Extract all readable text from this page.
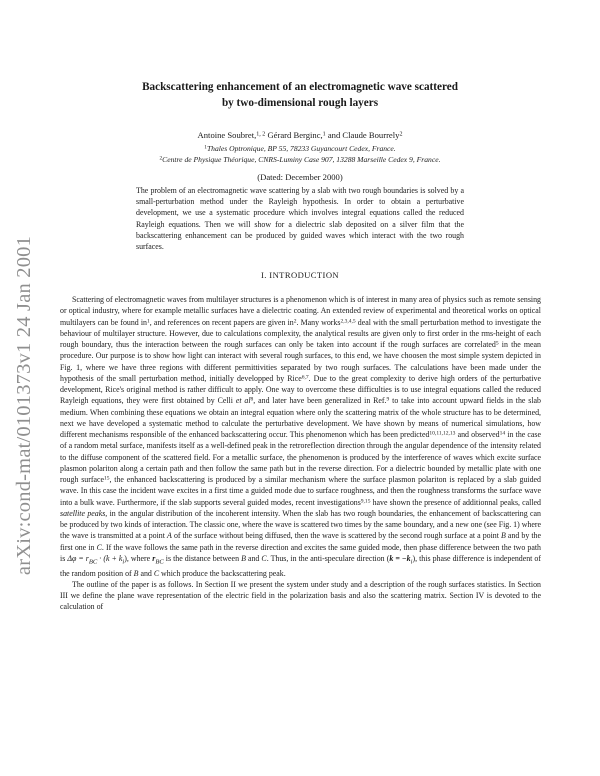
arXiv:cond-mat/0101373v1 24 Jan 2001
Backscattering enhancement of an electromagnetic wave scattered
by two-dimensional rough layers
Antoine Soubret,$^{1, 2}$ Gérard Berginc,$^1$ and Claude Bourrely$^2$
$^1$Thales Optronique, BP 55, 78233 Guyancourt Cedex, France.
$^2$Centre de Physique Théorique, CNRS-Luminy Case 907, 13288 Marseille Cedex 9, France.
(Dated: December 2000)
The problem of an electromagnetic wave scattering by a slab with two rough boundaries is solved by a small-perturbation method under the Rayleigh hypothesis. In order to obtain a perturbative development, we use a systematic procedure which involves integral equations called the reduced Rayleigh equations. Then we will show for a dielectric slab deposited on a silver film that the backscattering enhancement can be produced by guided waves which interact with the two rough surfaces.
I. INTRODUCTION

Scattering of electromagnetic waves from multilayer structures is a phenomenon which is of interest in many area of physics such as remote sensing or optical industry, where for example metallic surfaces have a dielectric coating. An extended review of experimental and theoretical works on optical multilayers can be found $in^1$, and references on recent papers are given $in^2$. Many works$^{2,3,4,5}$ deal with the small perturbation method to investigate the behaviour of multilayer structure. However, due to calculations complexity, the analytical results are given only to first order in the rms-height of each rough boundary, thus the interaction between the rough surfaces can only be taken into account if the rough surfaces are correlated$^5$ in the mean procedure. Our purpose is to show how light can interact with several rough surfaces, to this end, we have choosen the most simple system depicted in Fig. 1, where we have three regions with different permittivities separated by two rough surfaces. The calculations have been made under the hypothesis of the small perturbation method, initially developped by Rice$^{6,7}$. Due to the great complexity to derive high orders of the perturbative development, Rice's original method is rather difficult to apply. One way to overcome these difficulties is to use integral equations called the reduced Rayleigh equations, they were first obtained by Celli et $al^8$, and later have been generalized in Ref.$^9$ to take into account upward fields in the slab medium. When combining these equations we obtain an integral equation where only the scattering matrix of the whole structure has to be determined, next we have developed a systematic method to calculate the perturbative development. We have shown by means of numerical simulations, how different mechanisms responsible of the enhanced backscattering occur. This phenomenon which has been predicted$^{10,11,12,13}$ and observed$^{14}$ in the case of a random metal surface, manifests itself as a well-defined peak in the retroreflection direction through the angular dependence of the intensity related to the diffuse component of the scattered field. For a metallic surface, the phenomenon is produced by the interference of waves which excite surface plasmon polariton along a certain path and then follow the same path but in the reverse direction. For a dielectric bounded by metallic plate with one rough surface$^{15}$, the enhanced backscattering is produced by a similar mechanism where the surface plasmon polariton is replaced by a slab guided wave. In this case the incident wave excites in a first time a guided mode due to surface roughness, and then the roughness transforms the surface wave into a bulk wave. Furthermore, if the slab supports several guided modes, recent investigations$^{9,15}$ have shown the presence of additionnal peaks, called satellite peaks, in the angular distribution of the incoherent intensity. When the slab has two rough boundaries, the enhancement of backscattering can be produced by two kinds of interaction. The classic one, where the wave is scattered two times by the same boundary, and a new one (see Fig. 1) where the wave is transmitted at a point A of the surface without being diffused, then the wave is scattered by the second rough surface at a point B and by the first one in C. If the wave follows the same path in the reverse direction and excites the same guided mode, then phase difference between the two path is $\Delta\varphi = r_{BC} \cdot (k + k_i)$, where $r_{BC}$ is the distance between B and C. Thus, in the anti-speculare direction $(k = -k_i)$, this phase difference is independent of the random position of B and C which produce the backscattering peak.

The outline of the paper is as follows. In Section II we present the system under study and a description of the rough surfaces statistics. In Section III we define the plane wave representation of the electric field in the polarization basis and also the scattering matrix. Section IV is devoted to the calculation of
